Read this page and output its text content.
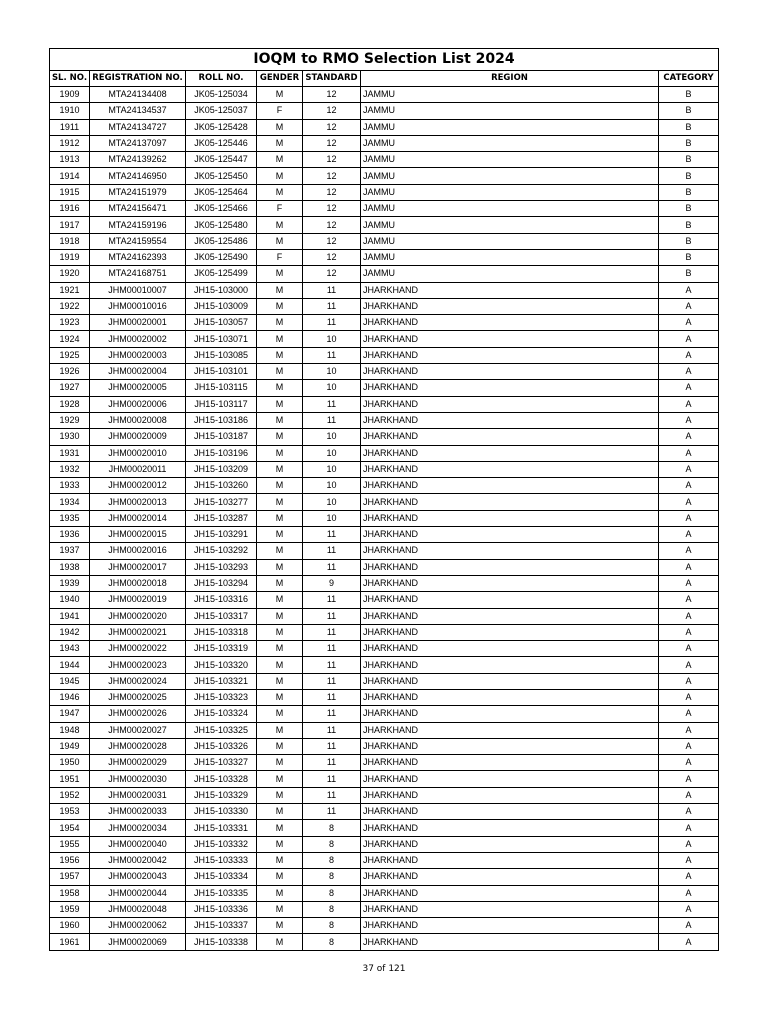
IOQM to RMO Selection List 2024						
SL. NO.	REGISTRATION NO.	ROLL NO.	GENDER	STANDARD	REGION	CATEGORY
1909	MTA24134408	JK05-125034	M	12	JAMMU	B
1910	MTA24134537	JK05-125037	F	12	JAMMU	B
1911	MTA24134727	JK05-125428	M	12	JAMMU	B
1912	MTA24137097	JK05-125446	M	12	JAMMU	B
1913	MTA24139262	JK05-125447	M	12	JAMMU	B
1914	MTA24146950	JK05-125450	M	12	JAMMU	B
1915	MTA24151979	JK05-125464	M	12	JAMMU	B
1916	MTA24156471	JK05-125466	F	12	JAMMU	B
1917	MTA24159196	JK05-125480	M	12	JAMMU	B
1918	MTA24159554	JK05-125486	M	12	JAMMU	B
1919	MTA24162393	JK05-125490	F	12	JAMMU	B
1920	MTA24168751	JK05-125499	M	12	JAMMU	B
1921	JHM00010007	JH15-103000	M	11	JHARKHAND	A
1922	JHM00010016	JH15-103009	M	11	JHARKHAND	A
1923	JHM00020001	JH15-103057	M	11	JHARKHAND	A
1924	JHM00020002	JH15-103071	M	10	JHARKHAND	A
1925	JHM00020003	JH15-103085	M	11	JHARKHAND	A
1926	JHM00020004	JH15-103101	M	10	JHARKHAND	A
1927	JHM00020005	JH15-103115	M	10	JHARKHAND	A
1928	JHM00020006	JH15-103117	M	11	JHARKHAND	A
1929	JHM00020008	JH15-103186	M	11	JHARKHAND	A
1930	JHM00020009	JH15-103187	M	10	JHARKHAND	A
1931	JHM00020010	JH15-103196	M	10	JHARKHAND	A
1932	JHM00020011	JH15-103209	M	10	JHARKHAND	A
1933	JHM00020012	JH15-103260	M	10	JHARKHAND	A
1934	JHM00020013	JH15-103277	M	10	JHARKHAND	A
1935	JHM00020014	JH15-103287	M	10	JHARKHAND	A
1936	JHM00020015	JH15-103291	M	11	JHARKHAND	A
1937	JHM00020016	JH15-103292	M	11	JHARKHAND	A
1938	JHM00020017	JH15-103293	M	11	JHARKHAND	A
1939	JHM00020018	JH15-103294	M	9	JHARKHAND	A
1940	JHM00020019	JH15-103316	M	11	JHARKHAND	A
1941	JHM00020020	JH15-103317	M	11	JHARKHAND	A
1942	JHM00020021	JH15-103318	M	11	JHARKHAND	A
1943	JHM00020022	JH15-103319	M	11	JHARKHAND	A
1944	JHM00020023	JH15-103320	M	11	JHARKHAND	A
1945	JHM00020024	JH15-103321	M	11	JHARKHAND	A
1946	JHM00020025	JH15-103323	M	11	JHARKHAND	A
1947	JHM00020026	JH15-103324	M	11	JHARKHAND	A
1948	JHM00020027	JH15-103325	M	11	JHARKHAND	A
1949	JHM00020028	JH15-103326	M	11	JHARKHAND	A
1950	JHM00020029	JH15-103327	M	11	JHARKHAND	A
1951	JHM00020030	JH15-103328	M	11	JHARKHAND	A
1952	JHM00020031	JH15-103329	M	11	JHARKHAND	A
1953	JHM00020033	JH15-103330	M	11	JHARKHAND	A
1954	JHM00020034	JH15-103331	M	8	JHARKHAND	A
1955	JHM00020040	JH15-103332	M	8	JHARKHAND	A
1956	JHM00020042	JH15-103333	M	8	JHARKHAND	A
1957	JHM00020043	JH15-103334	M	8	JHARKHAND	A
1958	JHM00020044	JH15-103335	M	8	JHARKHAND	A
1959	JHM00020048	JH15-103336	M	8	JHARKHAND	A
1960	JHM00020062	JH15-103337	M	8	JHARKHAND	A
1961	JHM00020069	JH15-103338	M	8	JHARKHAND	A
37 of 121
